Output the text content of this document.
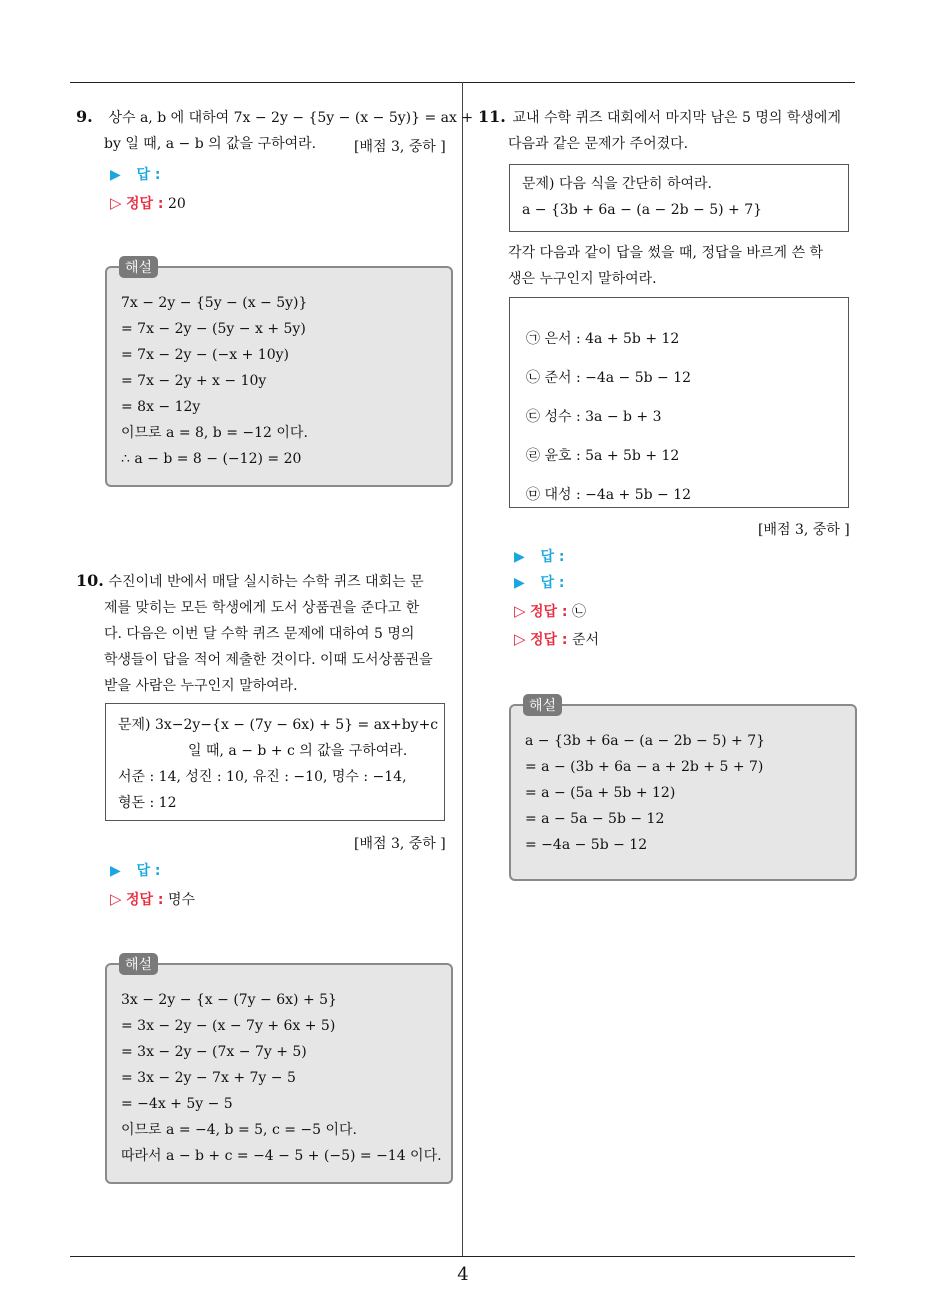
9. 상수 a, b 에 대하여 7x − 2y − {5y − (x − 5y)} = ax +
by 일 때, a − b 의 값을 구하여라.	[배점 3, 중하 ]
▶ 답 :
▷ 정답 : 20
해설
7x − 2y − {5y − (x − 5y)}
= 7x − 2y − (5y − x + 5y)
= 7x − 2y − (−x + 10y)
= 7x − 2y + x − 10y
= 8x − 12y
이므로 a = 8, b = −12 이다.
∴ a − b = 8 − (−12) = 20
10. 수진이네 반에서 매달 실시하는 수학 퀴즈 대회는 문
제를 맞히는 모든 학생에게 도서 상품권을 준다고 한
다. 다음은 이번 달 수학 퀴즈 문제에 대하여 5 명의
학생들이 답을 적어 제출한 것이다. 이때 도서상품권을
받을 사람은 누구인지 말하여라.
문제) 3x−2y−{x − (7y − 6x) + 5} = ax+by+c
일 때, a − b + c 의 값을 구하여라.
서준 : 14, 성진 : 10, 유진 : −10, 명수 : −14,
형돈 : 12
[배점 3, 중하 ]
▶ 답 :
▷ 정답 : 명수
해설
3x − 2y − {x − (7y − 6x) + 5}
= 3x − 2y − (x − 7y + 6x + 5)
= 3x − 2y − (7x − 7y + 5)
= 3x − 2y − 7x + 7y − 5
= −4x + 5y − 5
이므로 a = −4, b = 5, c = −5 이다.
따라서 a − b + c = −4 − 5 + (−5) = −14 이다.
11. 교내 수학 퀴즈 대회에서 마지막 남은 5 명의 학생에게
다음과 같은 문제가 주어졌다.
문제) 다음 식을 간단히 하여라.
a − {3b + 6a − (a − 2b − 5) + 7}
각각 다음과 같이 답을 썼을 때, 정답을 바르게 쓴 학
생은 누구인지 말하여라.
㉠ 은서 : 4a + 5b + 12
㉡ 준서 : −4a − 5b − 12
㉢ 성수 : 3a − b + 3
㉣ 윤호 : 5a + 5b + 12
㉤ 대성 : −4a + 5b − 12
[배점 3, 중하 ]
▶ 답 :
▶ 답 :
▷ 정답 : ㉡
▷ 정답 : 준서
해설
a − {3b + 6a − (a − 2b − 5) + 7}
= a − (3b + 6a − a + 2b + 5 + 7)
= a − (5a + 5b + 12)
= a − 5a − 5b − 12
= −4a − 5b − 12
4
